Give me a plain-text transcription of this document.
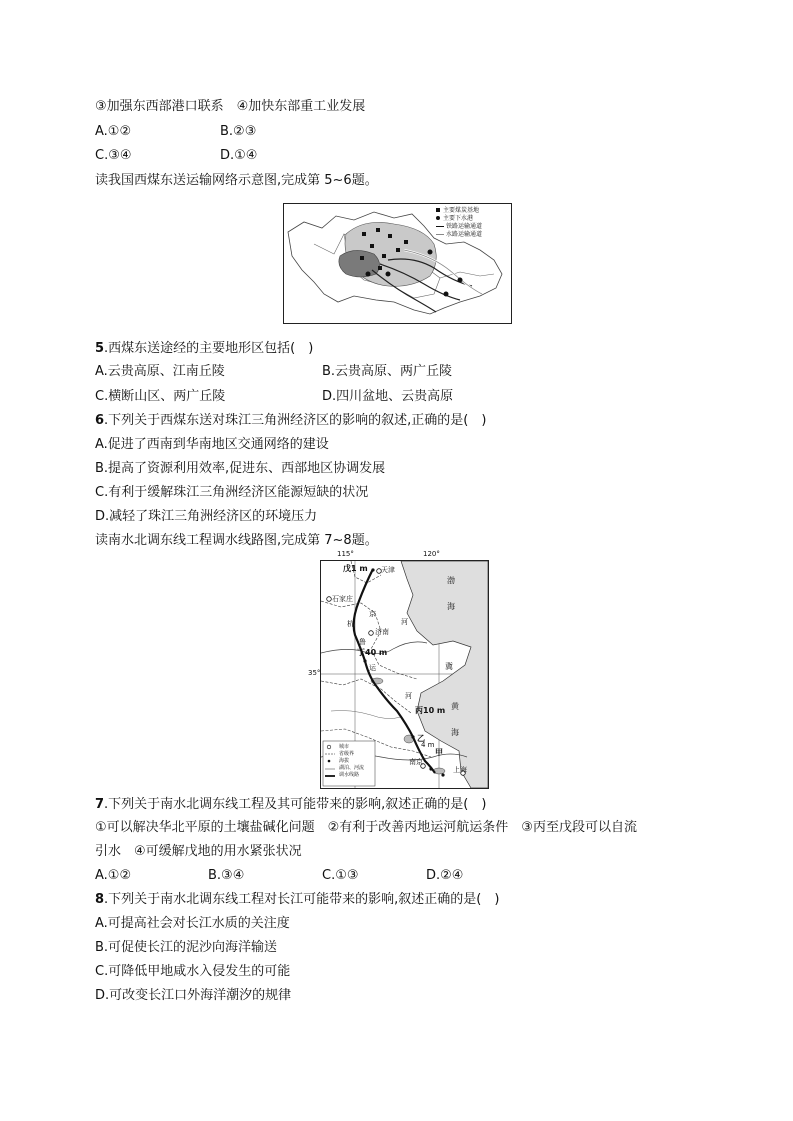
③加强东西部港口联系　④加快东部重工业发展
A.①②	B.②③
C.③④	D.①④
读我国西煤东送运输网络示意图,完成第 5~6题。
主要煤炭基地
主要下水港
铁路运输通道
水路运输通道
5.西煤东送途经的主要地形区包括(　)
A.云贵高原、江南丘陵	B.云贵高原、两广丘陵
C.横断山区、两广丘陵	D.四川盆地、云贵高原
6.下列关于西煤东送对珠江三角洲经济区的影响的叙述,正确的是(　)
A.促进了西南到华南地区交通网络的建设
B.提高了资源利用效率,促进东、西部地区协调发展
C.有利于缓解珠江三角洲经济区能源短缺的状况
D.减轻了珠江三角洲经济区的环境压力
读南水北调东线工程调水线路图,完成第 7~8题。
115°	120°
35°
戊1 m 天津
石家庄
渤
海
京
杭
济南
鲁
丁40 m
河
运	冀
河
丙10 m 黄
海
乙
4 m
甲
南京
上海
城市
省级界
海拔
湖泊、河流
调水线路
7.下列关于南水北调东线工程及其可能带来的影响,叙述正确的是(　)
①可以解决华北平原的土壤盐碱化问题　②有利于改善丙地运河航运条件　③丙至戊段可以自流
引水　④可缓解戊地的用水紧张状况
A.①②	B.③④	C.①③	D.②④
8.下列关于南水北调东线工程对长江可能带来的影响,叙述正确的是(　)
A.可提高社会对长江水质的关注度
B.可促使长江的泥沙向海洋输送
C.可降低甲地咸水入侵发生的可能
D.可改变长江口外海洋潮汐的规律
